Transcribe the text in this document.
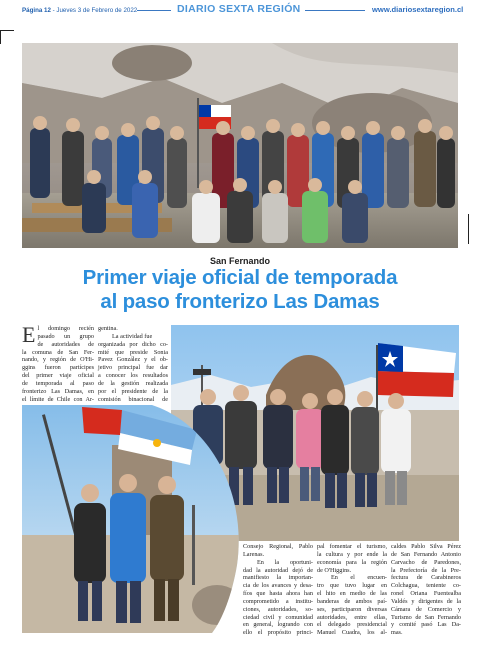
Página 12 - Jueves 3 de Febrero de 2022	DIARIO SEXTA REGIÓN	www.diariosextaregion.cl
San Fernando
Primer viaje oficial de temporada
al paso fronterizo Las Damas
E l domingo recién
pasado un grupo
de autoridades de
la comuna de San Fer-
nando, y región de O'Hi-
ggins fueron partícipes
del primer viaje oficial
de temporada al paso
fronterizo Las Damas, en
el límite de Chile con Ar-
gentina.
La actividad fue
organizada por dicho co-
mité que preside Sonia
Pavez González y el ob-
jetivo principal fue dar
a conocer los resultados
de la gestión realizada
por el presidente de la
comisión binacional de
Consejo Regional, Pablo
Larenas.
En la oportuni-
dad la autoridad dejó de
manifiesto la importan-
cia de los avances y desa-
fíos que hasta ahora han
comprometido a institu-
ciones, autoridades, so-
ciedad civil y comunidad
en general, logrando con
ello el propósito princi-
pal fomentar el turismo,
la cultura y por ende la
economía para la región
de O'Higgins.
En el encuen-
tro que tuvo lugar en
el hito en medio de las
banderas de ambos paí-
ses, participaron diversas
autoridades, entre ellas,
el delegado presidencial
Manuel Cuadra, los al-
caldes Pablo Silva Pérez
de San Fernando Antonio
Carvacho de Paredones,
la Prefectoría de la Pre-
fectura de Carabineros
Colchagua, teniente co-
ronel Oriana Fuentealba
Valdés y dirigentes de la
Cámara de Comercio y
Turismo de San Fernando
y comité pasó Las Da-
mas.
